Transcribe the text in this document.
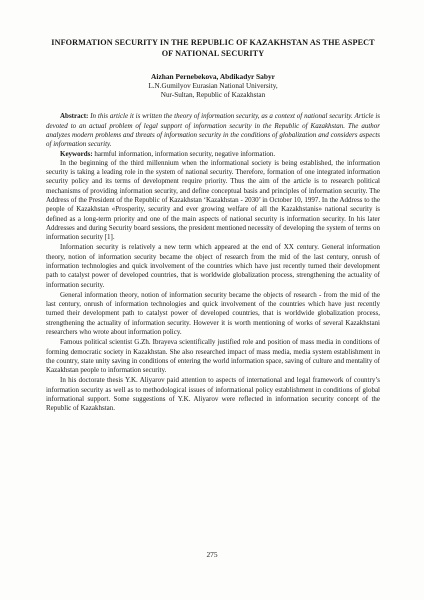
INFORMATION SECURITY IN THE REPUBLIC OF KAZAKHSTAN AS THE ASPECT OF NATIONAL SECURITY
Aizhan Pernebekova, Abdikadyr Sabyr
L.N.Gumilyov Eurasian National University,
Nur-Sultan, Republic of Kazakhstan

Abstract: In this article it is written the theory of information security, as a context of national security. Article is devoted to an actual problem of legal support of information security in the Republic of Kazakhstan. The author analyzes modern problems and threats of information security in the conditions of globalization and considers aspects of information security.

Keywords: harmful information, information security, negative information.

In the beginning of the third millennium when the informational society is being established, the information security is taking a leading role in the system of national security. Therefore, formation of one integrated information security policy and its terms of development require priority. Thus the aim of the article is to research political mechanisms of providing information security, and define conceptual basis and principles of information security. The Address of the President of the Republic of Kazakhstan ‘Kazakhstan - 2030’ in October 10, 1997. In the Address to the people of Kazakhstan «Prosperity, security and ever growing welfare of all the Kazakhstanis» national security is defined as a long-term priority and one of the main aspects of national security is information security. In his later Addresses and during Security board sessions, the president mentioned necessity of developing the system of terms on information security [1].

Information security is relatively a new term which appeared at the end of XX century. General information theory, notion of information security became the object of research from the mid of the last century, onrush of information technologies and quick involvement of the countries which have just recently turned their development path to catalyst power of developed countries, that is worldwide globalization process, strengthening the actuality of information security.

General information theory, notion of information security became the objects of research - from the mid of the last century, onrush of information technologies and quick involvement of the countries which have just recently turned their development path to catalyst power of developed countries, that is worldwide globalization process, strengthening the actuality of information security. However it is worth mentioning of works of several Kazakhstani researchers who wrote about information policy.

Famous political scientist G.Zh. Ibrayeva scientifically justified role and position of mass media in conditions of forming democratic society in Kazakhstan. She also researched impact of mass media, media system establishment in the country, state unity saving in conditions of entering the world information space, saving of culture and mentality of Kazakhstan people to information security.

In his doctorate thesis Y.K. Aliyarov paid attention to aspects of international and legal framework of country’s information security as well as to methodological issues of informational policy establishment in conditions of global informational support. Some suggestions of Y.K. Aliyarov were reflected in information security concept of the Republic of Kazakhstan.

275
